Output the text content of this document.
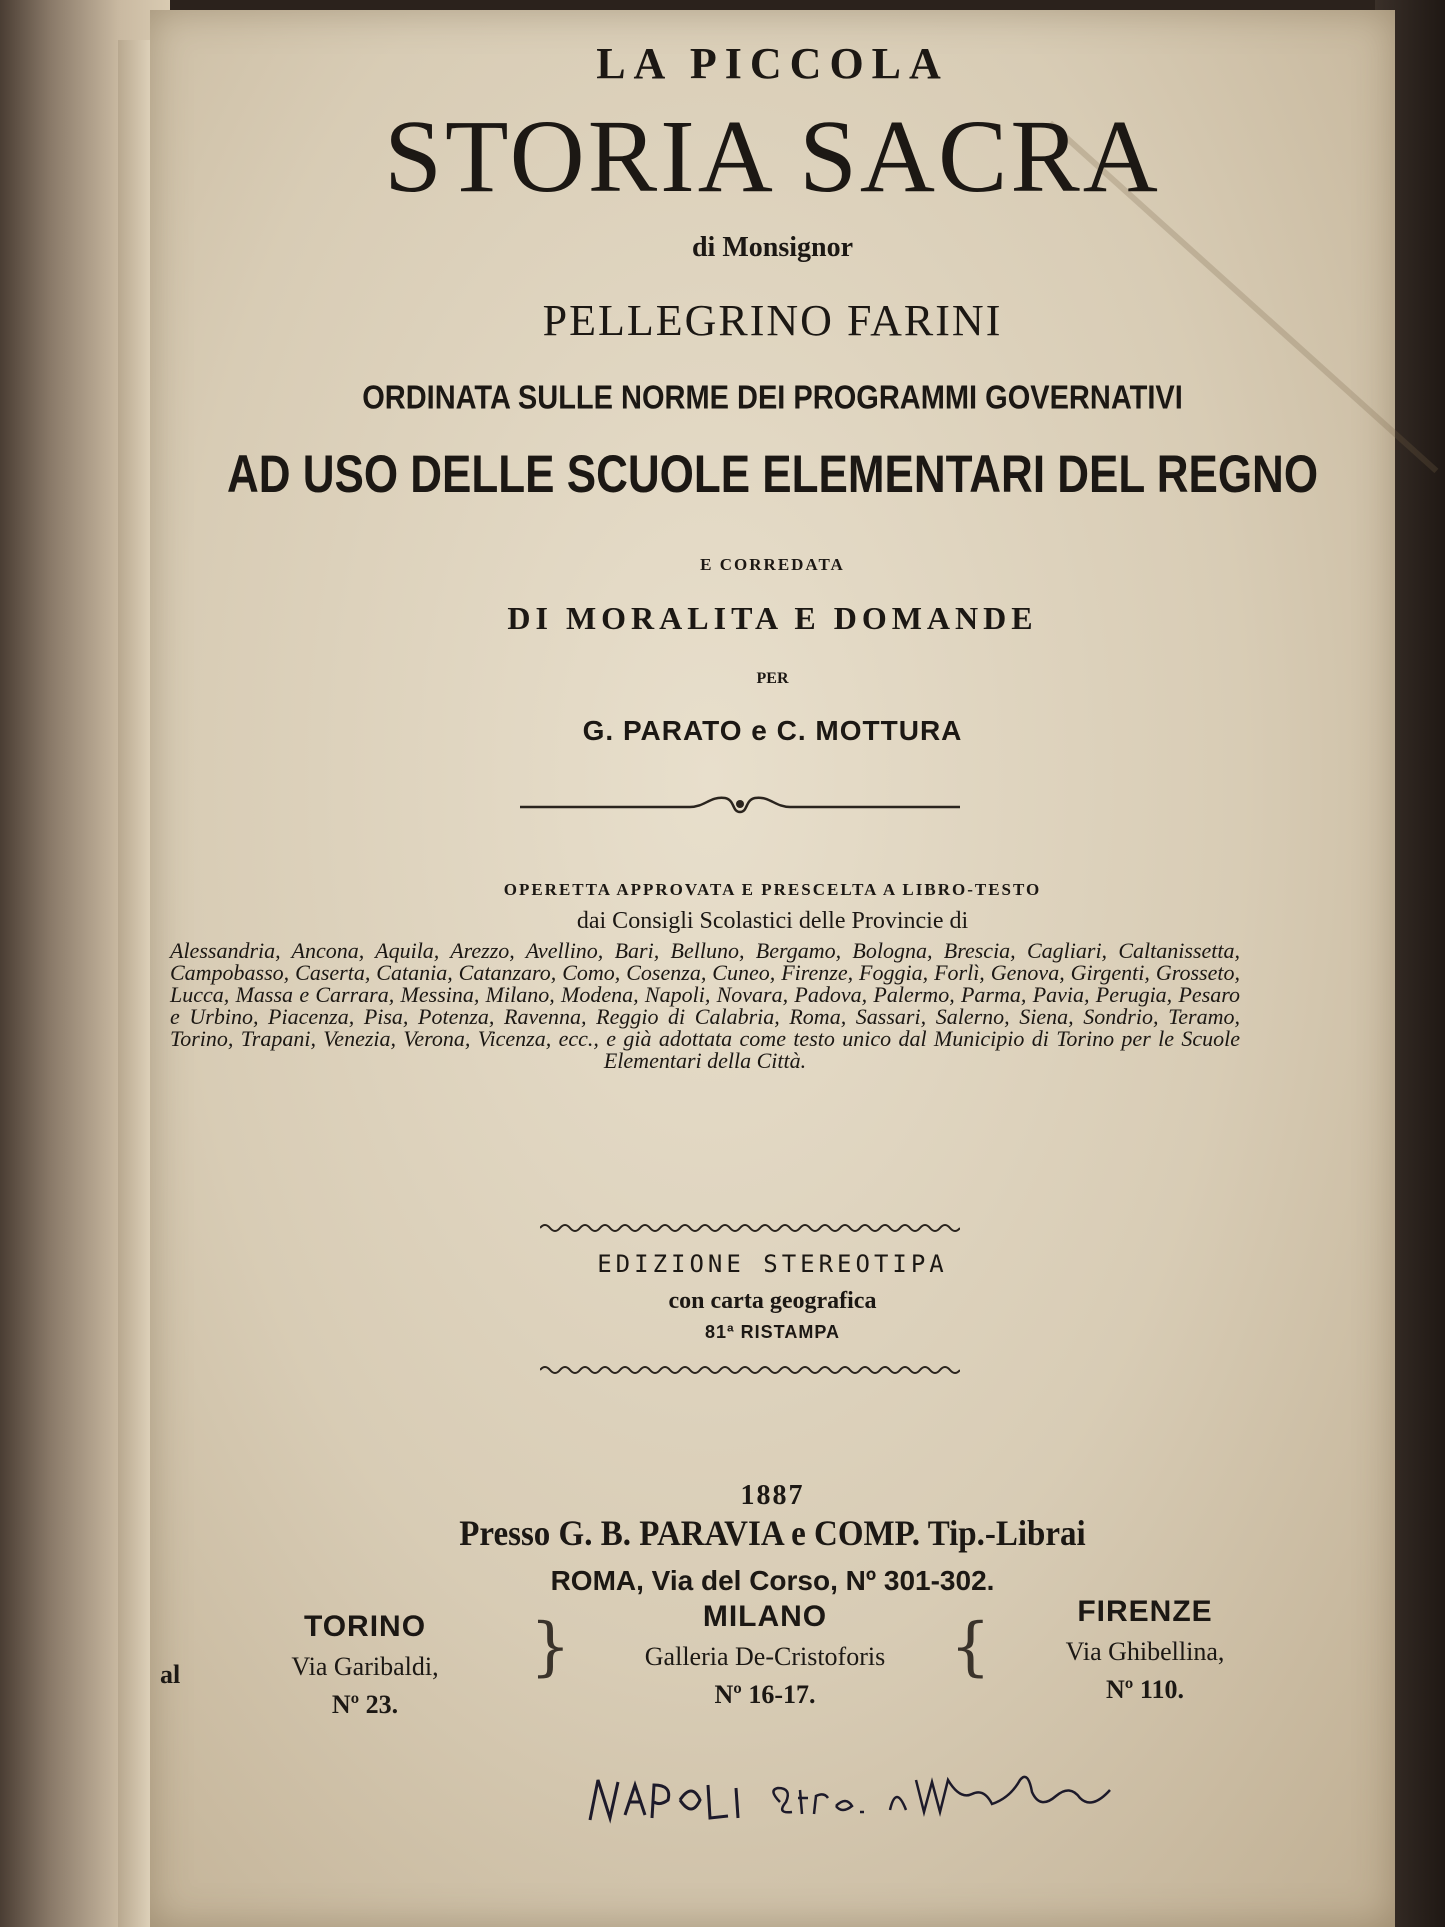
LA PICCOLA
STORIA SACRA
di Monsignor
PELLEGRINO FARINI
ORDINATA SULLE NORME DEI PROGRAMMI GOVERNATIVI
AD USO DELLE SCUOLE ELEMENTARI DEL REGNO
E CORREDATA
DI MORALITA E DOMANDE
PER
G. PARATO e C. MOTTURA
OPERETTA APPROVATA E PRESCELTA A LIBRO-TESTO
dai Consigli Scolastici delle Provincie di
Alessandria, Ancona, Aquila, Arezzo, Avellino, Bari, Belluno, Bergamo, Bologna, Brescia, Cagliari, Caltanissetta, Campobasso, Caserta, Catania, Catanzaro, Como, Cosenza, Cuneo, Firenze, Foggia, Forlì, Genova, Girgenti, Grosseto, Lucca, Massa e Carrara, Messina, Milano, Modena, Napoli, Novara, Padova, Palermo, Parma, Pavia, Perugia, Pesaro e Urbino, Piacenza, Pisa, Potenza, Ravenna, Reggio di Calabria, Roma, Sassari, Salerno, Siena, Sondrio, Teramo, Torino, Trapani, Venezia, Verona, Vicenza, ecc., e già adottata come testo unico dal Municipio di Torino per le Scuole Elementari della Città.
EDIZIONE STEREOTIPA
con carta geografica
81ª RISTAMPA
1887
Presso G. B. PARAVIA e COMP. Tip.-Librai
ROMA, Via del Corso, Nº 301-302.
al
TORINO
Via Garibaldi,
Nº 23.
}	MILANO
Galleria De-Cristoforis
Nº 16-17.
{	FIRENZE
Via Ghibellina,
Nº 110.
